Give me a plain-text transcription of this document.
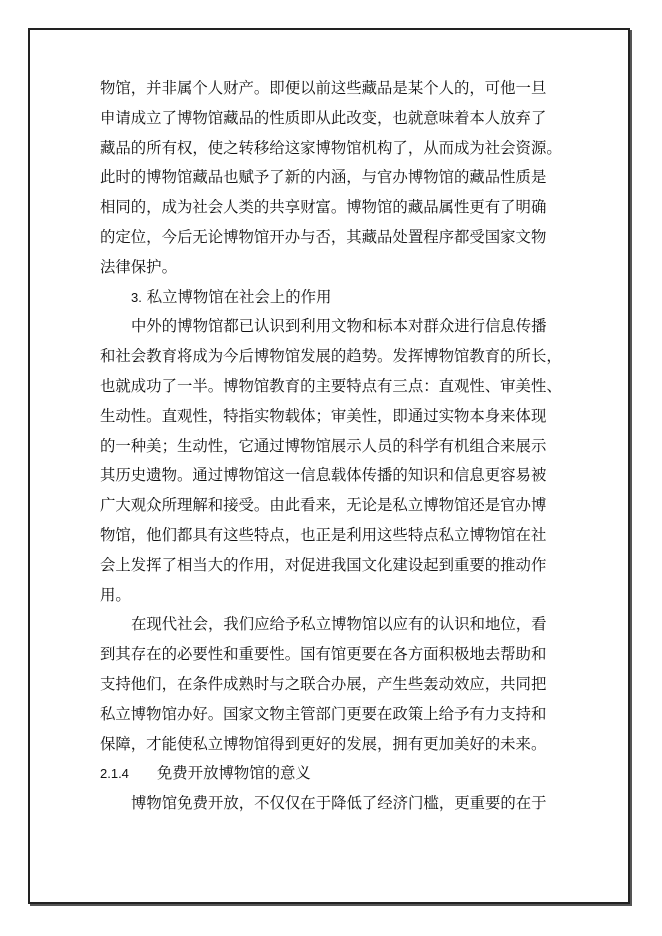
物馆，并非属个人财产。即便以前这些藏品是某个人的，可他一旦
申请成立了博物馆藏品的性质即从此改变，也就意味着本人放弃了
藏品的所有权，使之转移给这家博物馆机构了，从而成为社会资源。
此时的博物馆藏品也赋予了新的内涵，与官办博物馆的藏品性质是
相同的，成为社会人类的共享财富。博物馆的藏品属性更有了明确
的定位，今后无论博物馆开办与否，其藏品处置程序都受国家文物
法律保护。
3. 私立博物馆在社会上的作用
中外的博物馆都已认识到利用文物和标本对群众进行信息传播
和社会教育将成为今后博物馆发展的趋势。发挥博物馆教育的所长，
也就成功了一半。博物馆教育的主要特点有三点：直观性、审美性、
生动性。直观性，特指实物载体；审美性，即通过实物本身来体现
的一种美；生动性，它通过博物馆展示人员的科学有机组合来展示
其历史遗物。通过博物馆这一信息载体传播的知识和信息更容易被
广大观众所理解和接受。由此看来，无论是私立博物馆还是官办博
物馆，他们都具有这些特点，也正是利用这些特点私立博物馆在社
会上发挥了相当大的作用，对促进我国文化建设起到重要的推动作
用。
在现代社会，我们应给予私立博物馆以应有的认识和地位，看
到其存在的必要性和重要性。国有馆更要在各方面积极地去帮助和
支持他们，在条件成熟时与之联合办展，产生些轰动效应，共同把
私立博物馆办好。国家文物主管部门更要在政策上给予有力支持和
保障，才能使私立博物馆得到更好的发展，拥有更加美好的未来。
2.1.4 免费开放博物馆的意义
博物馆免费开放，不仅仅在于降低了经济门槛，更重要的在于
